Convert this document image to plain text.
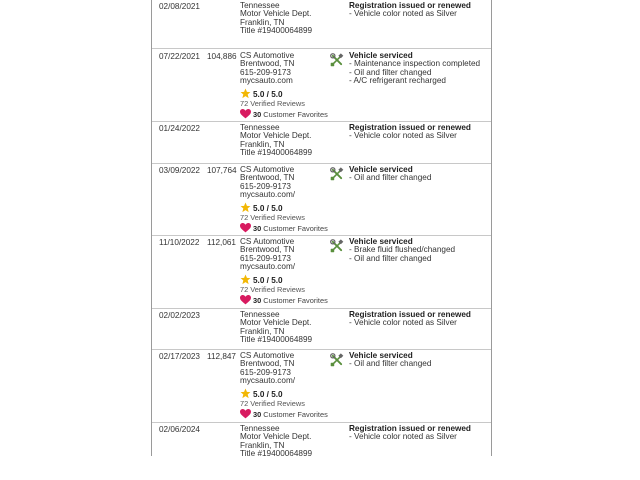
02/08/2021	Tennessee
Motor Vehicle Dept.
Franklin, TN
Title #19400064899
Registration issued or renewed
- Vehicle color noted as Silver
07/22/2021 104,886 CS Automotive
Brentwood, TN
615-209-9173
mycsauto.com
5.0 / 5.0
72 Verified Reviews
30 Customer Favorites
Vehicle serviced
- Maintenance inspection completed
- Oil and filter changed
- A/C refrigerant recharged
01/24/2022	Tennessee
Motor Vehicle Dept.
Franklin, TN
Title #19400064899
Registration issued or renewed
- Vehicle color noted as Silver
03/09/2022 107,764 CS Automotive
Brentwood, TN
615-209-9173
mycsauto.com/
5.0 / 5.0
72 Verified Reviews
30 Customer Favorites
Vehicle serviced
- Oil and filter changed
11/10/2022 112,061 CS Automotive
Brentwood, TN
615-209-9173
mycsauto.com/
5.0 / 5.0
72 Verified Reviews
30 Customer Favorites
Vehicle serviced
- Brake fluid flushed/changed
- Oil and filter changed
02/02/2023	Tennessee
Motor Vehicle Dept.
Franklin, TN
Title #19400064899
Registration issued or renewed
- Vehicle color noted as Silver
02/17/2023 112,847 CS Automotive
Brentwood, TN
615-209-9173
mycsauto.com/
5.0 / 5.0
72 Verified Reviews
30 Customer Favorites
Vehicle serviced
- Oil and filter changed
02/06/2024	Tennessee
Motor Vehicle Dept.
Franklin, TN
Title #19400064899
Registration issued or renewed
- Vehicle color noted as Silver
